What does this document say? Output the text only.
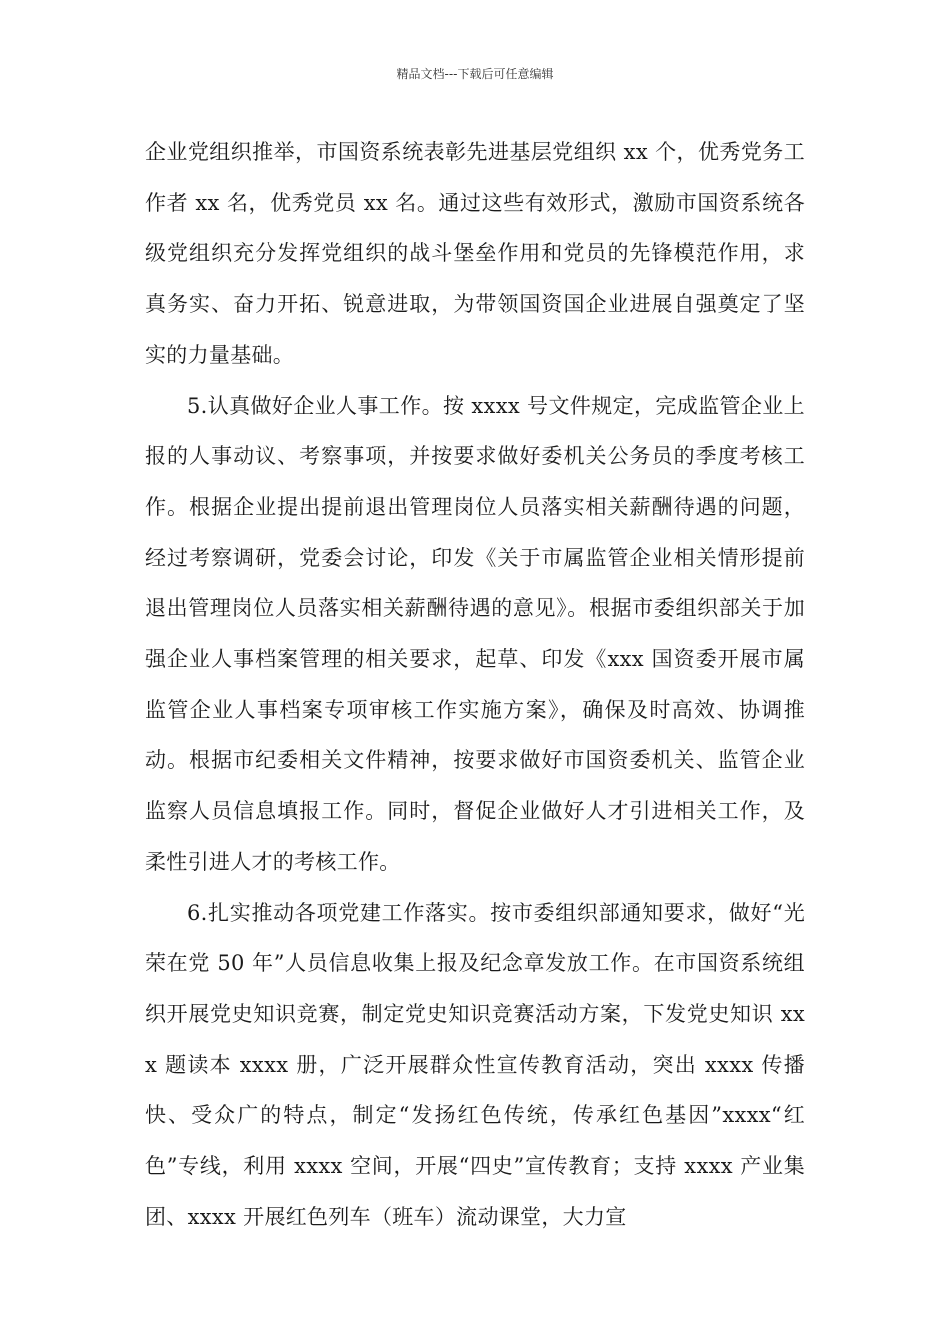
精品文档---下载后可任意编辑

企业党组织推举，市国资系统表彰先进基层党组织 xx 个，优秀党务工作者 xx 名，优秀党员 xx 名。通过这些有效形式，激励市国资系统各级党组织充分发挥党组织的战斗堡垒作用和党员的先锋模范作用，求真务实、奋力开拓、锐意进取，为带领国资国企业进展自强奠定了坚实的力量基础。

5.认真做好企业人事工作。按 xxxx 号文件规定，完成监管企业上报的人事动议、考察事项，并按要求做好委机关公务员的季度考核工作。根据企业提出提前退出管理岗位人员落实相关薪酬待遇的问题，经过考察调研，党委会讨论，印发《关于市属监管企业相关情形提前退出管理岗位人员落实相关薪酬待遇的意见》。根据市委组织部关于加强企业人事档案管理的相关要求，起草、印发《xxx 国资委开展市属监管企业人事档案专项审核工作实施方案》，确保及时高效、协调推动。根据市纪委相关文件精神，按要求做好市国资委机关、监管企业监察人员信息填报工作。同时，督促企业做好人才引进相关工作，及柔性引进人才的考核工作。

6.扎实推动各项党建工作落实。按市委组织部通知要求，做好“光荣在党 50 年”人员信息收集上报及纪念章发放工作。在市国资系统组织开展党史知识竞赛，制定党史知识竞赛活动方案，下发党史知识 xxx 题读本 xxxx 册，广泛开展群众性宣传教育活动，突出 xxxx 传播快、受众广的特点，制定“发扬红色传统，传承红色基因”xxxx“红色”专线，利用 xxxx 空间，开展“四史”宣传教育；支持 xxxx 产业集团、xxxx 开展红色列车（班车）流动课堂，大力宣
